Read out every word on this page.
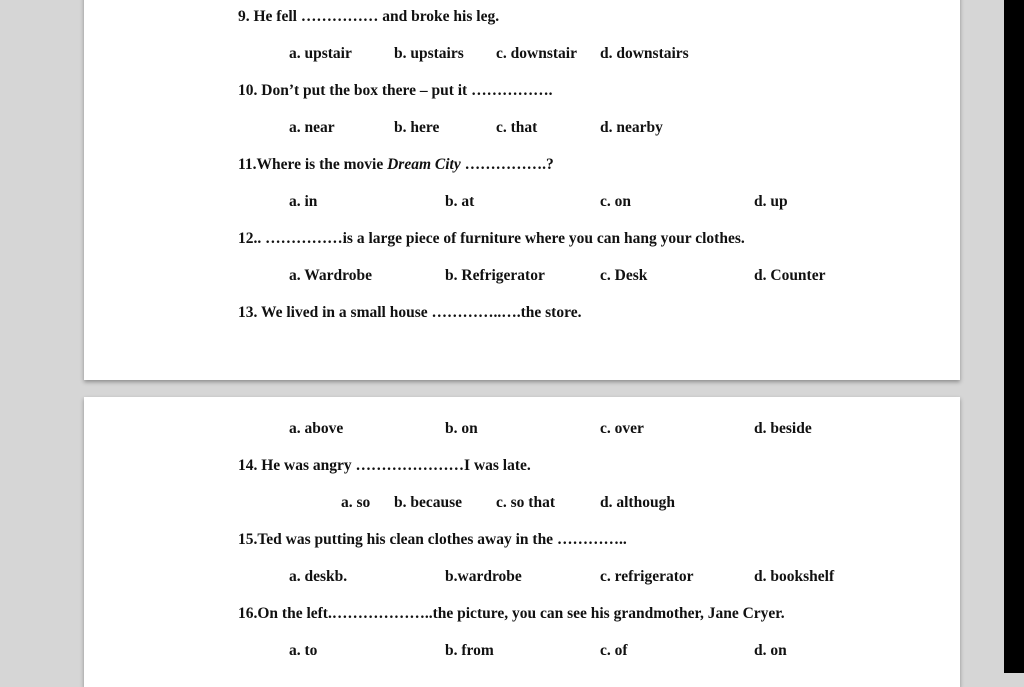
9. He fell …………… and broke his leg.
a. upstair	b. upstairs c. downstair d. downstairs
10. Don’t put the box there – put it …………….
a. near	b. here	c. that	d. nearby
11.Where is the movie Dream City …………….?
a. in	b. at	c. on	d. up
12.. ……………is a large piece of furniture where you can hang your clothes.
a. Wardrobe	b. Refrigerator	c. Desk	d. Counter
13. We lived in a small house …………..….the store.
a. above	b. on	c. over	d. beside
14. He was angry …………………I was late.
a. so b. because c. so that	d. although
15.Ted was putting his clean clothes away in the …………..
a. deskb.	b.wardrobe	c. refrigerator	d. bookshelf
16.On the left.………………..the picture, you can see his grandmother, Jane Cryer.
a. to	b. from	c. of	d. on
